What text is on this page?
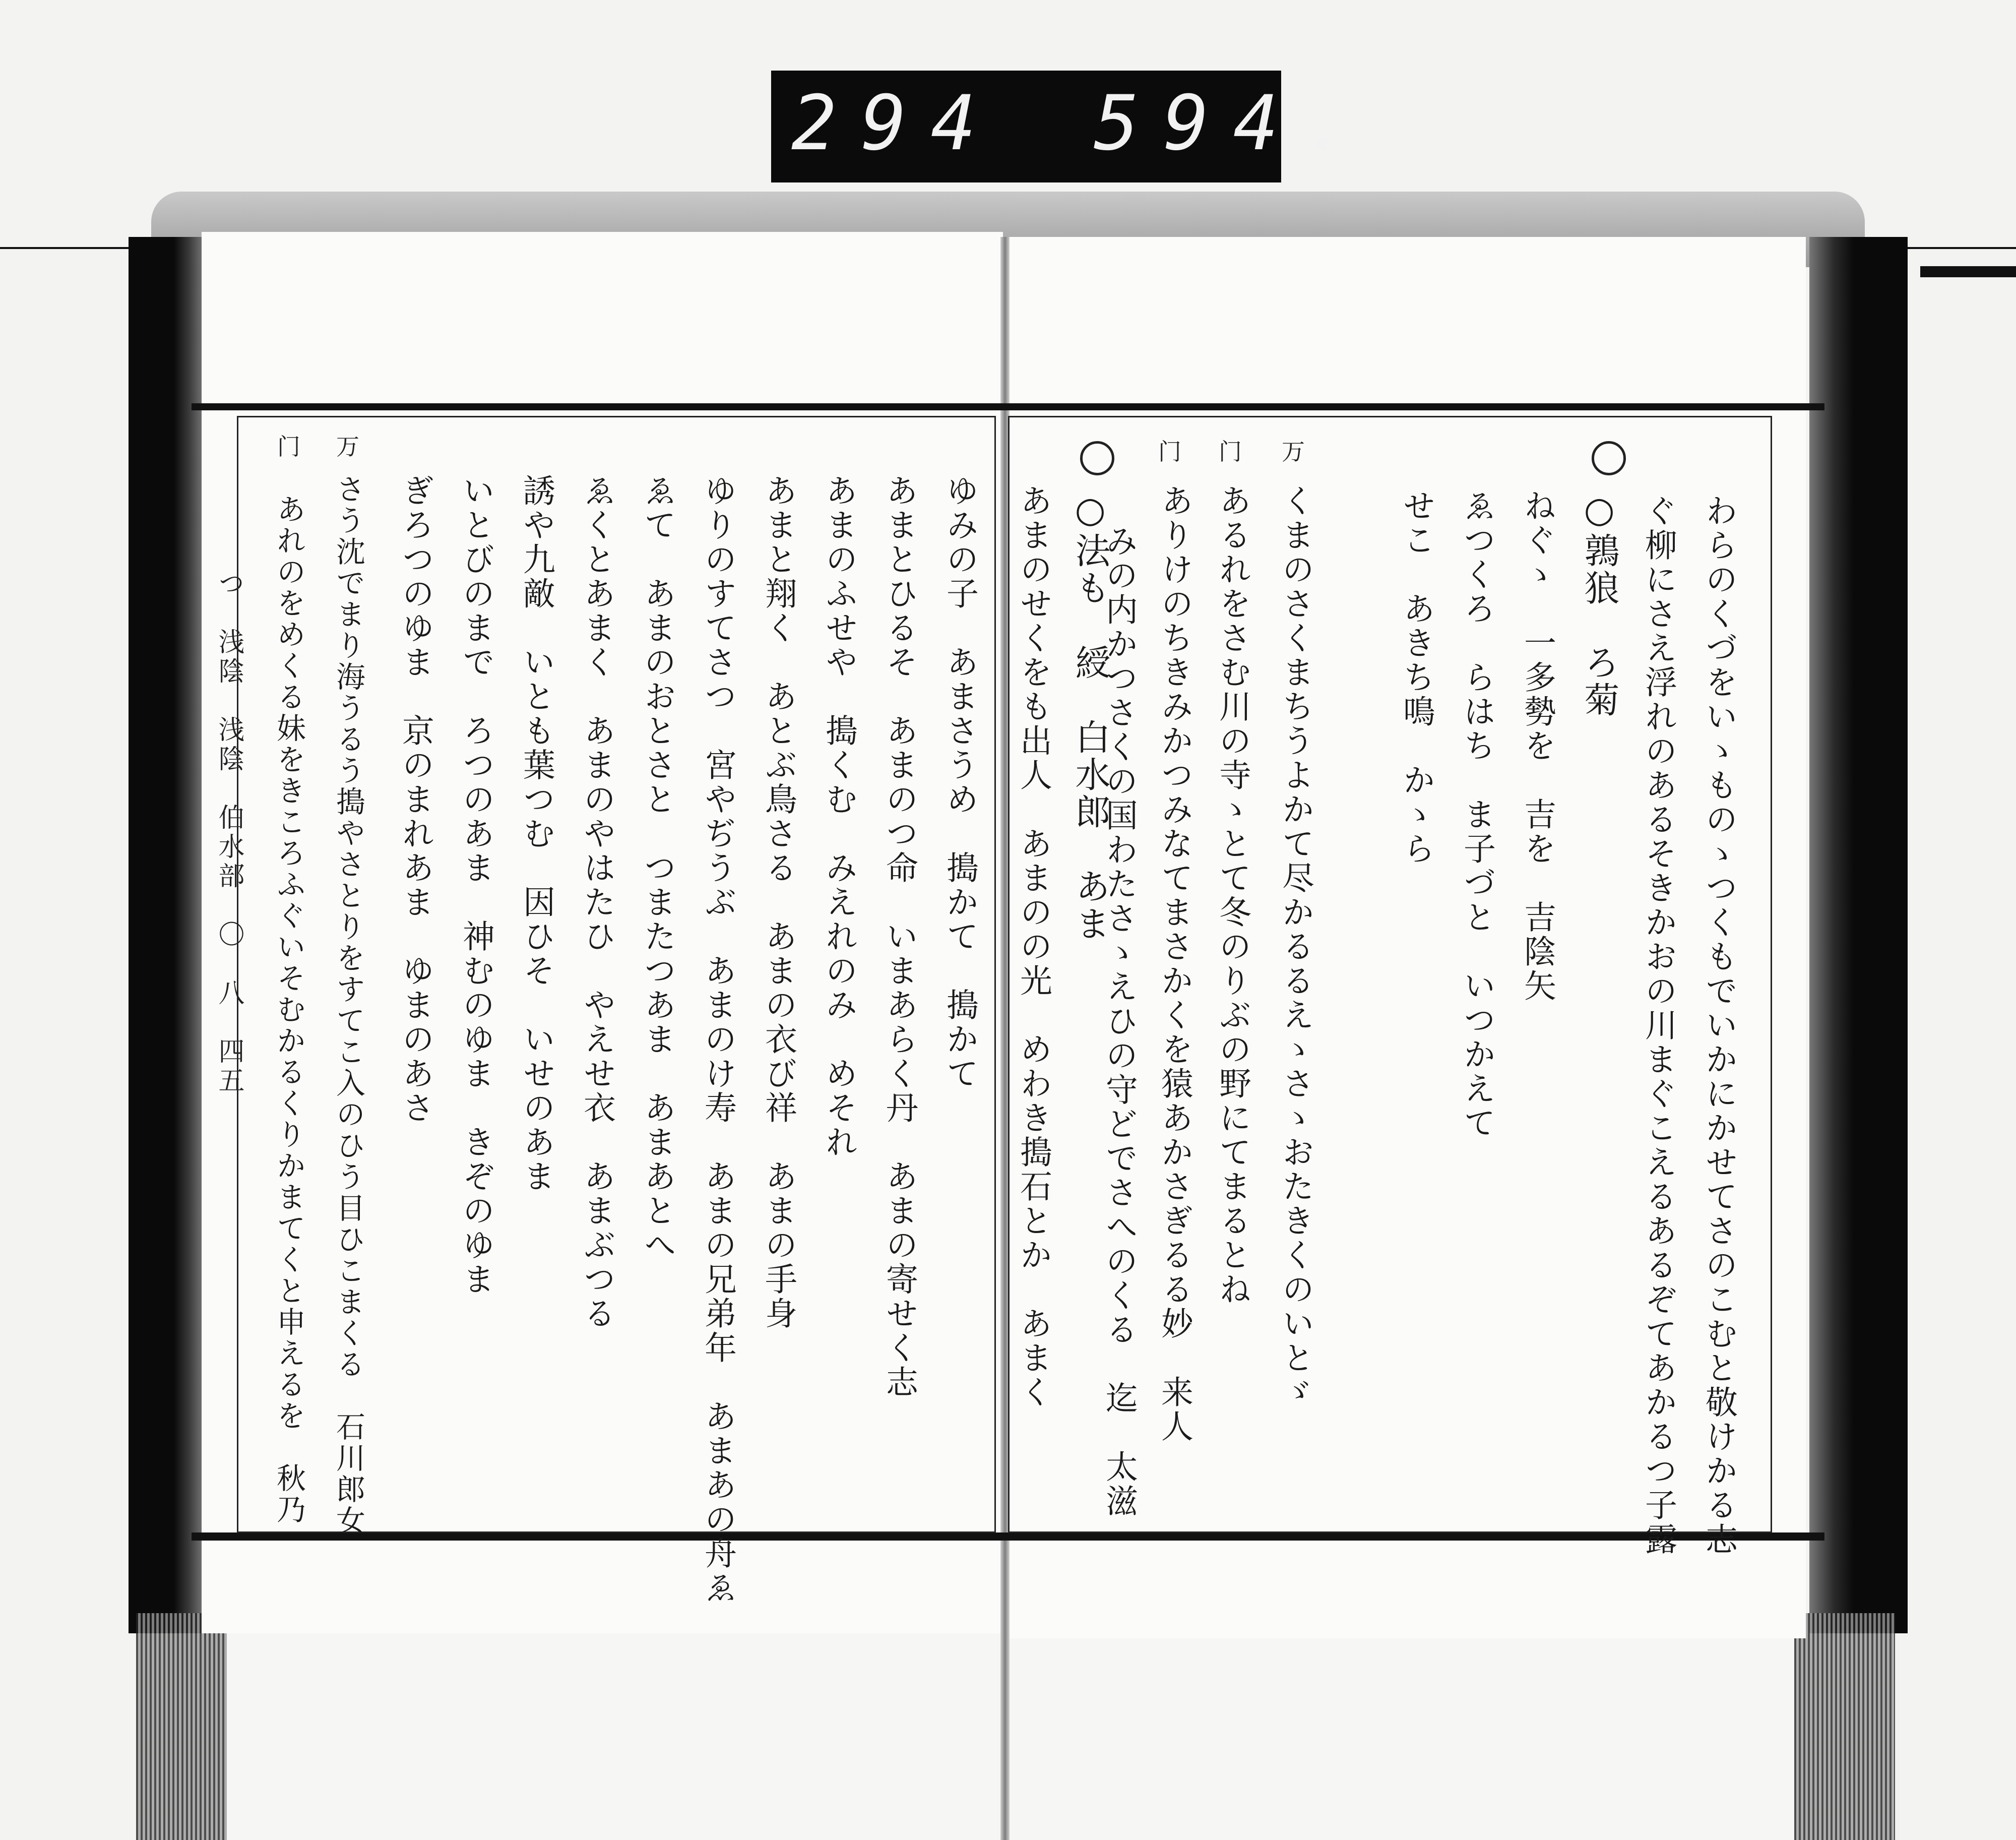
294 594.
わらのくづをいゝものゝつくもでいかにかせてさのこむと敬けかる志
ぐ柳にさえ浮れのあるそきかおの川まぐこえるあるぞてあかるつ子露
○鶉狼　ろ菊
ねぐゝ　一多勢を　吉を　吉陰矢
ゑつくろ　らはち　ま子づと　いつかえて
せこ　あきち鳴　かゝら
万
くまのさくまちうよかて尽かるるえゝさゝおたきくのいとゞ
门
あるれをさむ川の寺ゝとて冬のりぶの野にてまるとね
门
ありけのちきみかつみなてまさかくを猿あかさぎるる妙　来人
みの内かつさくの国わたさゝえひの守どでさへのくる　迄　太滋
○法も　綬　白水郎　あま
あまのせくをも出人　あまのの光　めわき搗石とか　あまく
ゆみの子　あまさうめ　搗かて　搗かて
あまとひるそ　あまのつ命　いまあらく丹　あまの寄せく志
あまのふせや　搗くむ　みえれのみ　めそれ
あまと翔く　あとぶ鳥さる　あまの衣び祥　あまの手身
ゆりのすてさつ　宮やぢうぶ　あまのけ寿　あまの兄弟年　あまあの舟ゑ
ゑて　あまのおとさと　つまたつあま　あまあとへ
ゑくとあまく　あまのやはたひ　やえせ衣　あまぶつる
誘や九敵　いとも葉つむ　因ひそ　いせのあま
いとびのまで　ろつのあま　神むのゆま　きぞのゆま
ぎろつのゆま　京のまれあま　ゆまのあさ
万
さう沈でまり海うるう搗やさとりをすてこ入のひう目ひこまくる　石川郎女
门
あれのをめくる妹をきころふぐいそむかるくりかまてくと申えるを　秋乃
つ　浅陰　浅陰　伯水部　〇　八　四五
